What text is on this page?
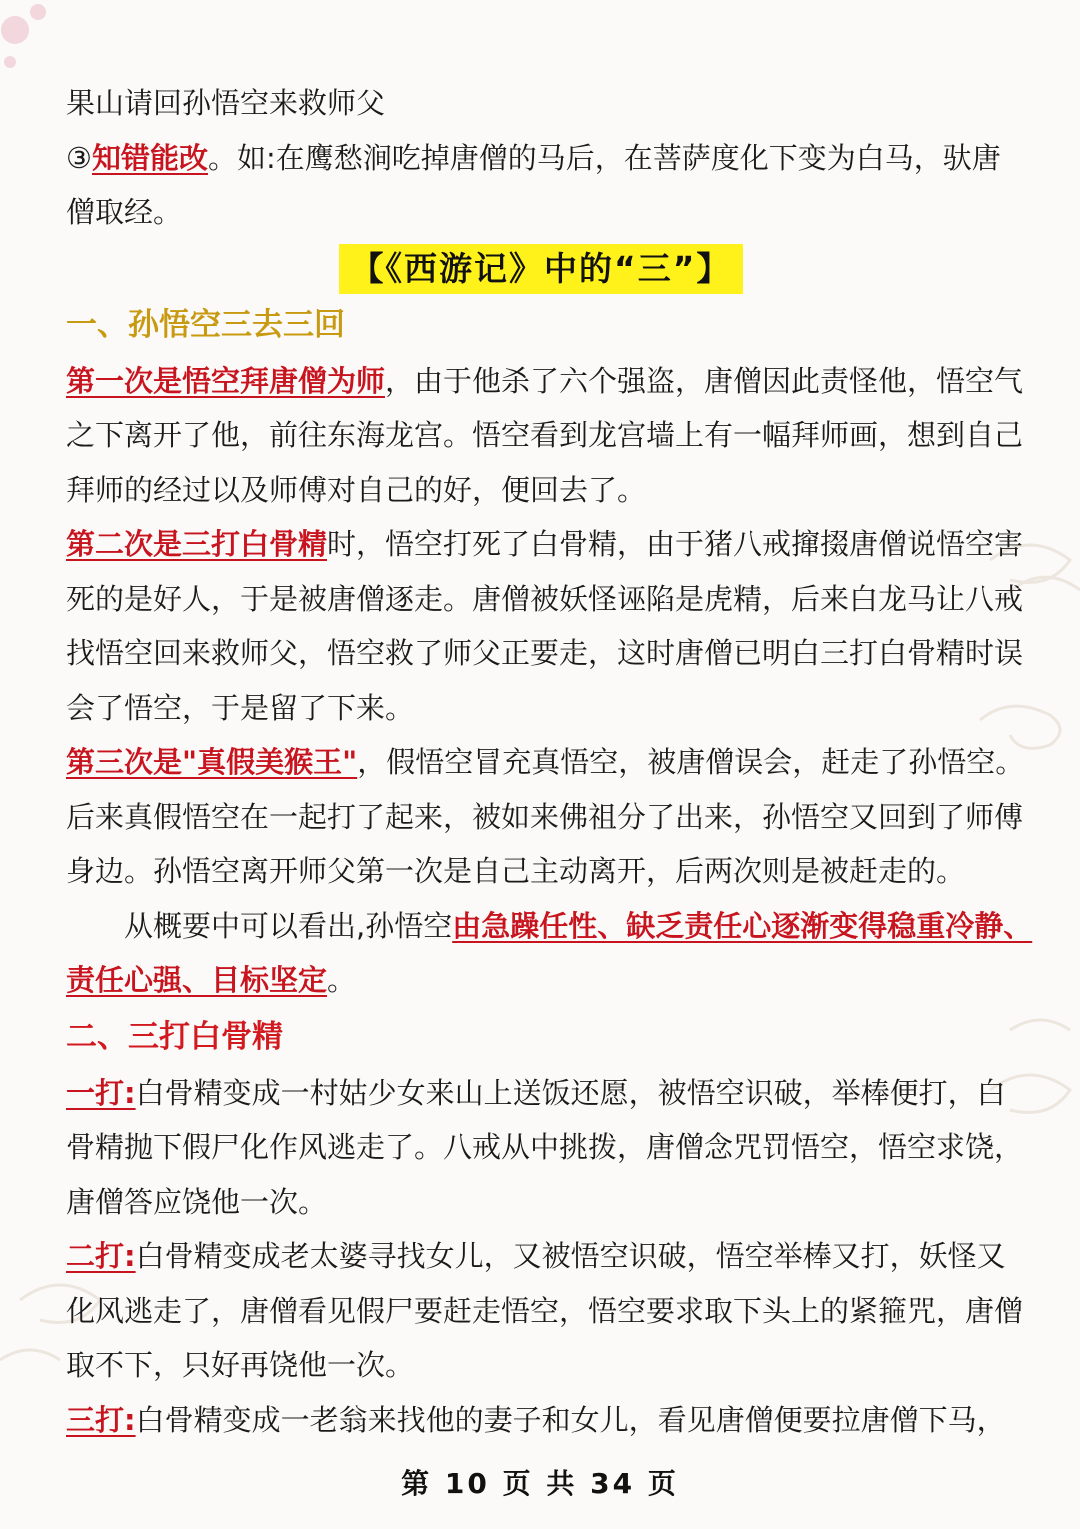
果山请回孙悟空来救师父
③知错能改。如:在鹰愁涧吃掉唐僧的马后，在菩萨度化下变为白马，驮唐
僧取经。
【《西游记》中的“三”】
一、孙悟空三去三回
第一次是悟空拜唐僧为师，由于他杀了六个强盗，唐僧因此责怪他，悟空气
之下离开了他，前往东海龙宫。悟空看到龙宫墙上有一幅拜师画，想到自己
拜师的经过以及师傅对自己的好，便回去了。
第二次是三打白骨精时，悟空打死了白骨精，由于猪八戒撺掇唐僧说悟空害
死的是好人，于是被唐僧逐走。唐僧被妖怪诬陷是虎精，后来白龙马让八戒
找悟空回来救师父，悟空救了师父正要走，这时唐僧已明白三打白骨精时误
会了悟空，于是留了下来。
第三次是"真假美猴王"，假悟空冒充真悟空，被唐僧误会，赶走了孙悟空。
后来真假悟空在一起打了起来，被如来佛祖分了出来，孙悟空又回到了师傅
身边。孙悟空离开师父第一次是自己主动离开，后两次则是被赶走的。
从概要中可以看出,孙悟空由急躁任性、缺乏责任心逐渐变得稳重冷静、
责任心强、目标坚定。
二、三打白骨精
一打:白骨精变成一村姑少女来山上送饭还愿，被悟空识破，举棒便打，白
骨精抛下假尸化作风逃走了。八戒从中挑拨，唐僧念咒罚悟空，悟空求饶，
唐僧答应饶他一次。
二打:白骨精变成老太婆寻找女儿，又被悟空识破，悟空举棒又打，妖怪又
化风逃走了，唐僧看见假尸要赶走悟空，悟空要求取下头上的紧箍咒，唐僧
取不下，只好再饶他一次。
三打:白骨精变成一老翁来找他的妻子和女儿，看见唐僧便要拉唐僧下马，
第 10 页 共 34 页
